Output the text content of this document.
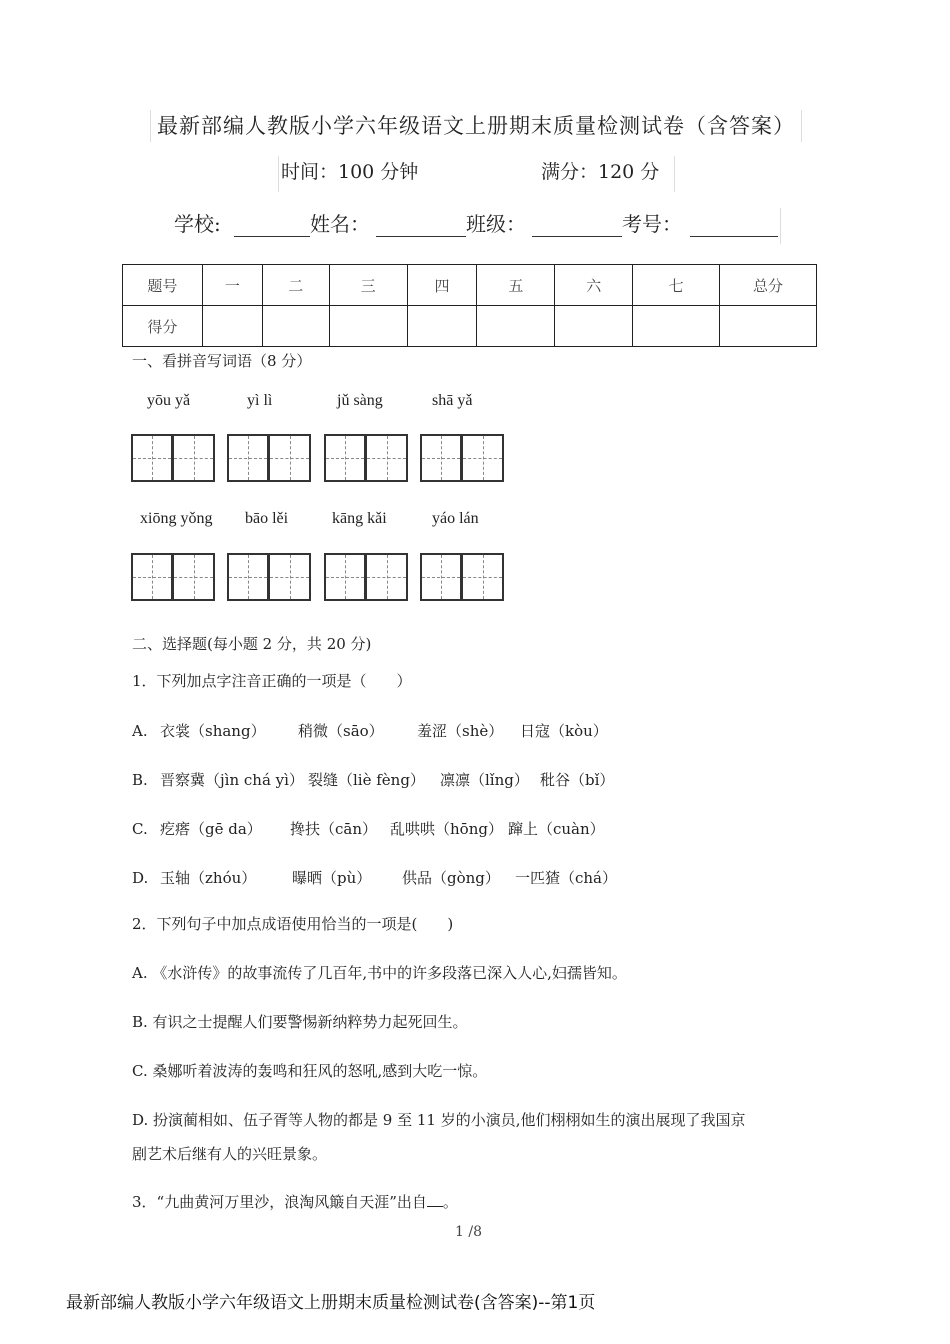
最新部编人教版小学六年级语文上册期末质量检测试卷（含答案）
时间：100 分钟	满分：120 分
学校:	姓名：	班级：	考号：
题号	一	二	三	四	五	六	七	总分
得分								
一、看拼音写词语（8 分）
yōu yǎ	yì lì	jǔ sàng	shā yǎ
xiōng yǒng bāo lěi	kāng kǎi	yáo lán
二、选择题(每小题 2 分，共 20 分)
1．下列加点字注音正确的一项是（　　）
A. 衣裳（shang） 稍微（sāo） 羞涩（shè） 日寇（kòu）
B. 晋察冀（jìn chá yì） 裂缝（liè fèng） 凛凛（lǐng） 秕谷（bǐ）
C. 疙瘩（gē da） 搀扶（cān） 乱哄哄（hōng） 蹿上（cuàn）
D. 玉轴（zhóu） 曝晒（pù） 供品（gòng） 一匹猹（chá）
2．下列句子中加点成语使用恰当的一项是(　　)
A. 《水浒传》的故事流传了几百年,书中的许多段落已深入人心,妇孺皆知。
B. 有识之士提醒人们要警惕新纳粹势力起死回生。
C. 桑娜听着波涛的轰鸣和狂风的怒吼,感到大吃一惊。
D. 扮演蔺相如、伍子胥等人物的都是 9 至 11 岁的小演员,他们栩栩如生的演出展现了我国京
剧艺术后继有人的兴旺景象。
3．“九曲黄河万里沙，浪淘风簸自天涯”出自 。
1 /8
最新部编人教版小学六年级语文上册期末质量检测试卷(含答案)--第1页
